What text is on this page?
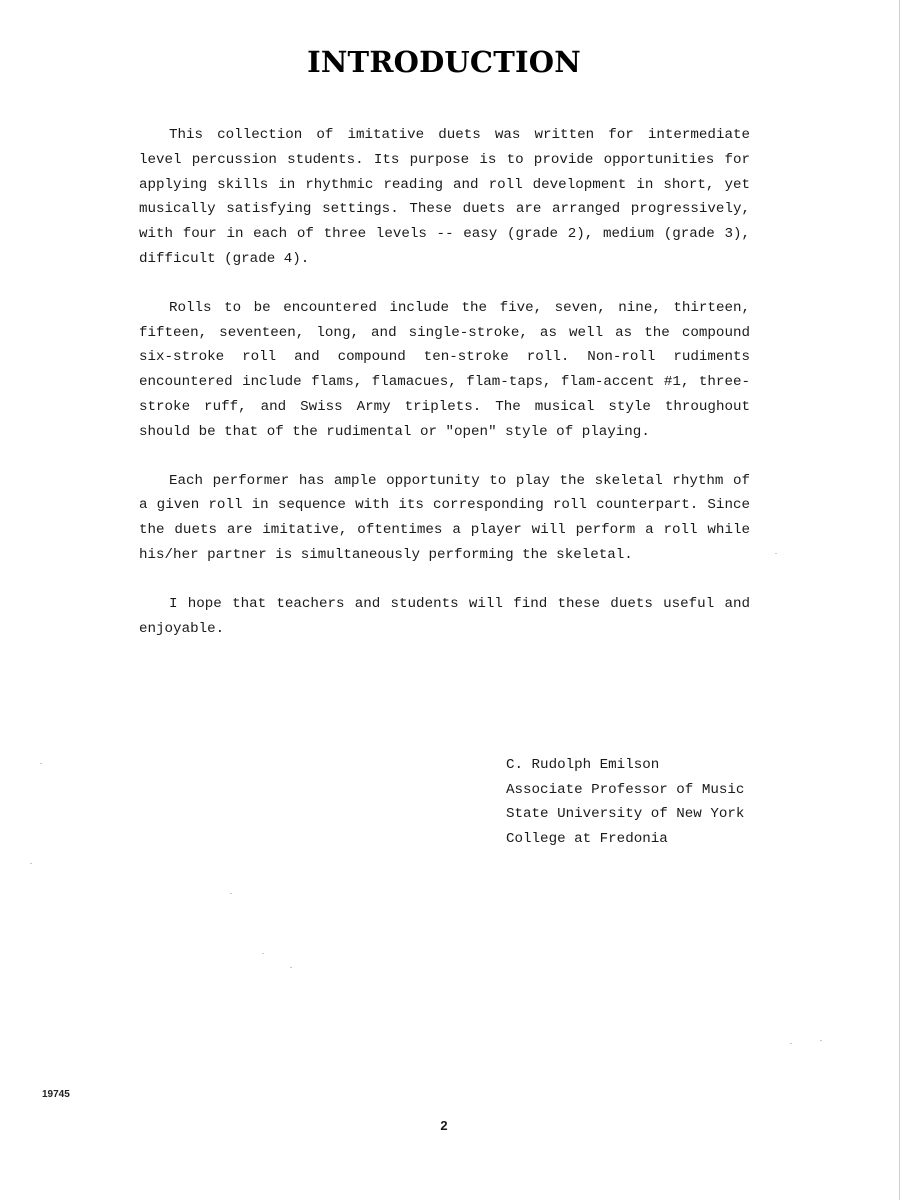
INTRODUCTION

This collection of imitative duets was written for intermediate level percussion students. Its purpose is to provide opportunities for applying skills in rhythmic reading and roll development in short, yet musically satisfying settings. These duets are arranged progressively, with four in each of three levels -- easy (grade 2), medium (grade 3), difficult (grade 4).

Rolls to be encountered include the five, seven, nine, thirteen, fifteen, seventeen, long, and single-stroke, as well as the compound six-stroke roll and compound ten-stroke roll. Non-roll rudiments encountered include flams, flamacues, flam-taps, flam-accent #1, three-stroke ruff, and Swiss Army triplets. The musical style throughout should be that of the rudimental or "open" style of playing.

Each performer has ample opportunity to play the skeletal rhythm of a given roll in sequence with its corresponding roll counterpart. Since the duets are imitative, oftentimes a player will perform a roll while his/her partner is simultaneously performing the skeletal.

I hope that teachers and students will find these duets useful and enjoyable.

C. Rudolph Emilson
Associate Professor of Music
State University of New York
College at Fredonia
19745
2
